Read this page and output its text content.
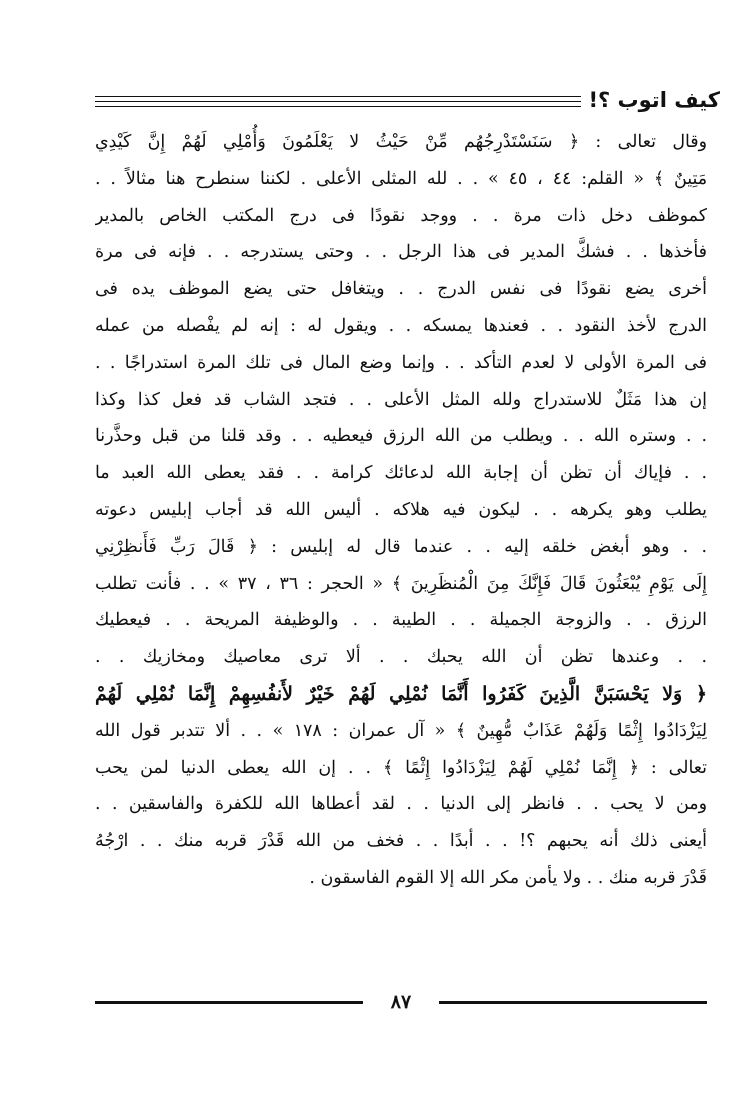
كيف اتوب ؟!
وقال تعالى : ﴿ سَنَسْتَدْرِجُهُم مِّنْ حَيْثُ لا يَعْلَمُونَ وَأُمْلِي لَهُمْ إِنَّ كَيْدِي
مَتِينٌ ﴾ « القلم: ٤٤ ، ٤٥ » . . لله المثلى الأعلى . لكننا سنطرح هنا مثالاً . .
كموظف دخل ذات مرة . . ووجد نقودًا فى درج المكتب الخاص بالمدير
فأخذها . . فشكَّ المدير فى هذا الرجل . . وحتى يستدرجه . . فإنه فى مرة
أخرى يضع نقودًا فى نفس الدرج . . ويتغافل حتى يضع الموظف يده فى
الدرج لأخذ النقود . . فعندها يمسكه . . ويقول له : إنه لم يفْصله من عمله
فى المرة الأولى لا لعدم التأكد . . وإنما وضع المال فى تلك المرة استدراجًا . .
إن هذا مَثَلٌ للاستدراج ولله المثل الأعلى . . فتجد الشاب قد فعل كذا وكذا
. . وستره الله . . ويطلب من الله الرزق فيعطيه . . وقد قلنا من قبل وحذَّرنا
. . فإياك أن تظن أن إجابة الله لدعائك كرامة . . فقد يعطى الله العبد ما
يطلب وهو يكرهه . . ليكون فيه هلاكه . أليس الله قد أجاب إبليس دعوته
. . وهو أبغض خلقه إليه . . عندما قال له إبليس : ﴿ قَالَ رَبِّ فَأَنظِرْنِي
إِلَى يَوْمِ يُبْعَثُونَ قَالَ فَإِنَّكَ مِنَ الْمُنظَرِينَ ﴾ « الحجر : ٣٦ ، ٣٧ » . . فأنت تطلب
الرزق . . والزوجة الجميلة . . الطيبة . . والوظيفة المريحة . . فيعطيك
. . وعندها تظن أن الله يحبك . . ألا ترى معاصيك ومخازيك . .
﴿ وَلا يَحْسَبَنَّ الَّذِينَ كَفَرُوا أَنَّمَا نُمْلِي لَهُمْ خَيْرٌ لأَنفُسِهِمْ إِنَّمَا نُمْلِي لَهُمْ
لِيَزْدَادُوا إِثْمًا وَلَهُمْ عَذَابٌ مُّهِينٌ ﴾ « آل عمران : ١٧٨ » . . ألا تتدبر قول الله
تعالى : ﴿ إِنَّمَا نُمْلِي لَهُمْ لِيَزْدَادُوا إِثْمًا ﴾ . . إن الله يعطى الدنيا لمن يحب
ومن لا يحب . . فانظر إلى الدنيا . . لقد أعطاها الله للكفرة والفاسقين . .
أيعنى ذلك أنه يحبهم ؟! . . أبدًا . . فخف من الله قَدْرَ قربه منك . . ارْجُهُ
قَدْرَ قربه منك . . ولا يأمن مكر الله إلا القوم الفاسقون .
٨٧
